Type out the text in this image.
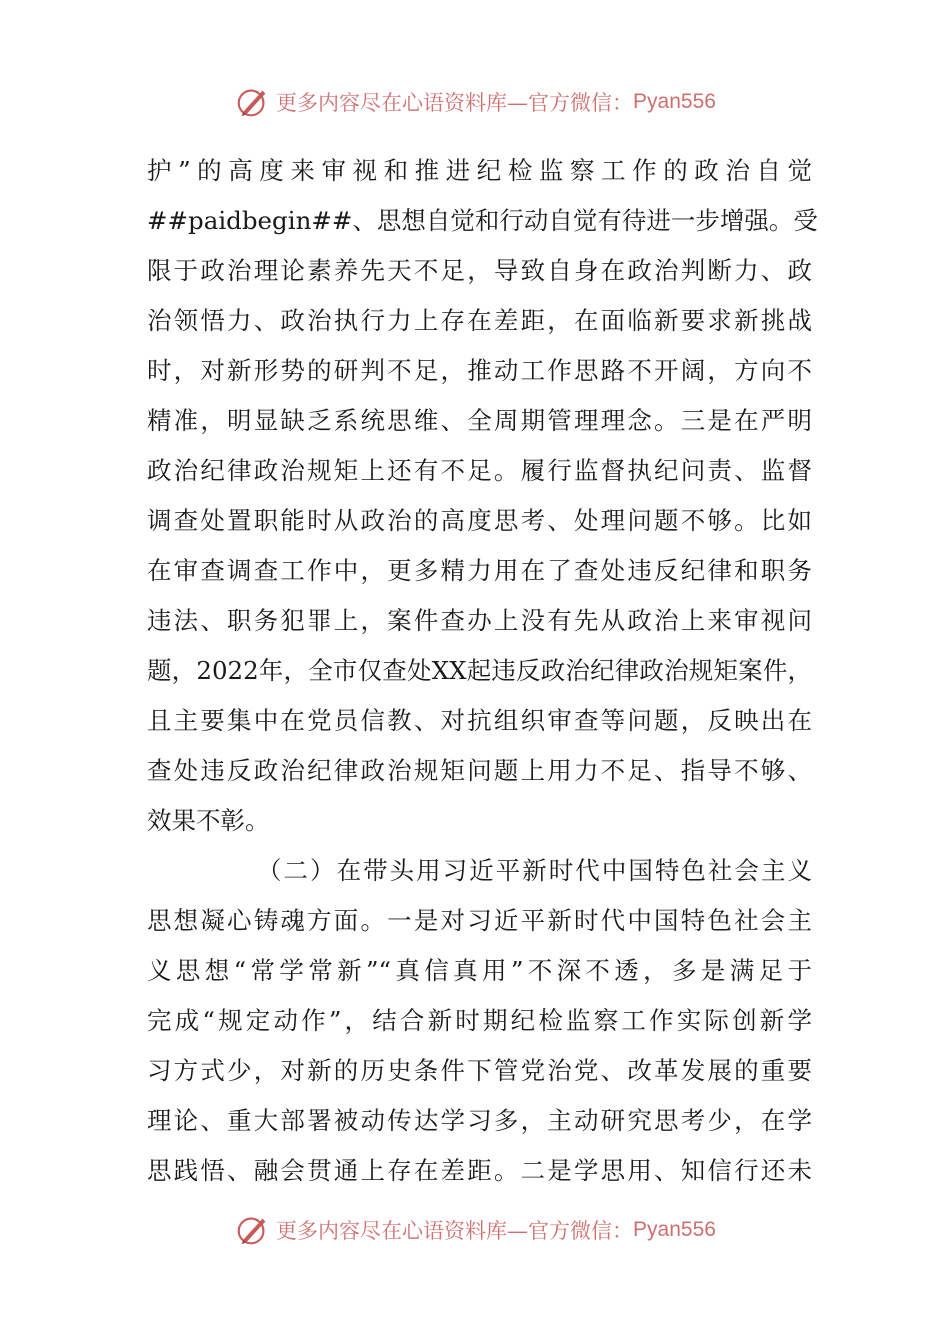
更多内容尽在心语资料库—官方微信： Pyan556
护”的高度来审视和推进纪检监察工作的政治自觉
##paidbegin##、思想自觉和行动自觉有待进一步增强。受
限于政治理论素养先天不足，导致自身在政治判断力、政
治领悟力、政治执行力上存在差距，在面临新要求新挑战
时，对新形势的研判不足，推动工作思路不开阔，方向不
精准，明显缺乏系统思维、全周期管理理念。三是在严明
政治纪律政治规矩上还有不足。履行监督执纪问责、监督
调查处置职能时从政治的高度思考、处理问题不够。比如
在审查调查工作中，更多精力用在了查处违反纪律和职务
违法、职务犯罪上，案件查办上没有先从政治上来审视问
题，2022年，全市仅查处XX起违反政治纪律政治规矩案件，
且主要集中在党员信教、对抗组织审查等问题，反映出在
查处违反政治纪律政治规矩问题上用力不足、指导不够、
效果不彰。
（二）在带头用习近平新时代中国特色社会主义
思想凝心铸魂方面。一是对习近平新时代中国特色社会主
义思想“常学常新”“真信真用”不深不透，多是满足于
完成“规定动作”，结合新时期纪检监察工作实际创新学
习方式少，对新的历史条件下管党治党、改革发展的重要
理论、重大部署被动传达学习多，主动研究思考少，在学
思践悟、融会贯通上存在差距。二是学思用、知信行还未
更多内容尽在心语资料库—官方微信： Pyan556
